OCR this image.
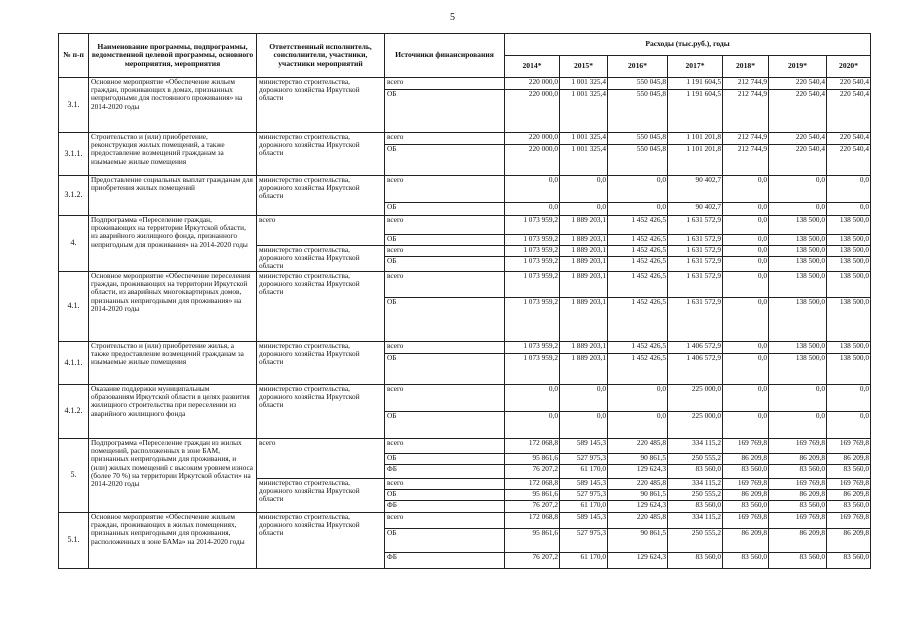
5
№ п-п	Наименование программы, подпрограммы, ведомственной целевой программы, основного мероприятия, мероприятия	Ответственный исполнитель, соисполнители, участники, участники мероприятий	Источники финансирования	Расходы (тыс.руб.), годы						
				2014*	2015*	2016*	2017*	2018*	2019*	2020*
3.1.	Основное мероприятие «Обеспечение жильем граждан, проживающих в домах, признанных непригодными для постоянного проживания» на 2014-2020 годы	министерство строительства, дорожного хозяйства Иркутской области	всего	220 000,0	1 001 325,4	550 045,8	1 191 604,5	212 744,9	220 540,4	220 540,4
			ОБ	220 000,0	1 001 325,4	550 045,8	1 191 604,5	212 744,9	220 540,4	220 540,4
3.1.1.	Строительство и (или) приобретение, реконструкция жилых помещений, а также предоставление возмещений гражданам за изымаемые жилые помещения	министерство строительства, дорожного хозяйства Иркутской области	всего	220 000,0	1 001 325,4	550 045,8	1 101 201,8	212 744,9	220 540,4	220 540,4
			ОБ	220 000,0	1 001 325,4	550 045,8	1 101 201,8	212 744,9	220 540,4	220 540,4
3.1.2.	Предоставление социальных выплат гражданам для приобретения жилых помещений	министерство строительства, дорожного хозяйства Иркутской области	всего	0,0	0,0	0,0	90 402,7	0,0	0,0	0,0
			ОБ	0,0	0,0	0,0	90 402,7	0,0	0,0	0,0
4.	Подпрограмма «Переселение граждан, проживающих на территории Иркутской области, из аварийного жилищного фонда, признанного непригодным для проживания» на 2014-2020 годы	всего	всего	1 073 959,2	1 889 203,1	1 452 426,5	1 631 572,9	0,0	138 500,0	138 500,0
			ОБ	1 073 959,2	1 889 203,1	1 452 426,5	1 631 572,9	0,0	138 500,0	138 500,0
		министерство строительства, дорожного хозяйства Иркутской области	всего	1 073 959,2	1 889 203,1	1 452 426,5	1 631 572,9	0,0	138 500,0	138 500,0
			ОБ	1 073 959,2	1 889 203,1	1 452 426,5	1 631 572,9	0,0	138 500,0	138 500,0
4.1.	Основное мероприятие «Обеспечение переселения граждан, проживающих на территории Иркутской области, из аварийных многоквартирных домов, признанных непригодными для проживания» на 2014-2020 годы	министерство строительства, дорожного хозяйства Иркутской области	всего	1 073 959,2	1 889 203,1	1 452 426,5	1 631 572,9	0,0	138 500,0	138 500,0
			ОБ	1 073 959,2	1 889 203,1	1 452 426,5	1 631 572,9	0,0	138 500,0	138 500,0
4.1.1.	Строительство и (или) приобретение жилья, а также предоставление возмещений гражданам за изымаемые жилые помещения	министерство строительства, дорожного хозяйства Иркутской области	всего	1 073 959,2	1 889 203,1	1 452 426,5	1 406 572,9	0,0	138 500,0	138 500,0
			ОБ	1 073 959,2	1 889 203,1	1 452 426,5	1 406 572,9	0,0	138 500,0	138 500,0
4.1.2.	Оказание поддержки муниципальным образованиям Иркутской области в целях развития жилищного строительства при переселении из аварийного жилищного фонда	министерство строительства, дорожного хозяйства Иркутской области	всего	0,0	0,0	0,0	225 000,0	0,0	0,0	0,0
			ОБ	0,0	0,0	0,0	225 000,0	0,0	0,0	0,0
5.	Подпрограмма «Переселение граждан из жилых помещений, расположенных в зоне БАМ, признанных непригодными для проживания, и (или) жилых помещений с высоким уровнем износа (более 70 %) на территории Иркутской области» на 2014-2020 годы	всего	всего	172 068,8	589 145,3	220 485,8	334 115,2	169 769,8	169 769,8	169 769,8
			ОБ	95 861,6	527 975,3	90 861,5	250 555,2	86 209,8	86 209,8	86 209,8
			ФБ	76 207,2	61 170,0	129 624,3	83 560,0	83 560,0	83 560,0	83 560,0
		министерство строительства, дорожного хозяйства Иркутской области	всего	172 068,8	589 145,3	220 485,8	334 115,2	169 769,8	169 769,8	169 769,8
			ОБ	95 861,6	527 975,3	90 861,5	250 555,2	86 209,8	86 209,8	86 209,8
			ФБ	76 207,2	61 170,0	129 624,3	83 560,0	83 560,0	83 560,0	83 560,0
5.1.	Основное мероприятие «Обеспечение жильем граждан, проживающих в жилых помещениях, признанных непригодными для проживания, расположенных в зоне БАМа» на 2014-2020 годы	министерство строительства, дорожного хозяйства Иркутской области	всего	172 068,8	589 145,3	220 485,8	334 115,2	169 769,8	169 769,8	169 769,8
			ОБ	95 861,6	527 975,3	90 861,5	250 555,2	86 209,8	86 209,8	86 209,8
			ФБ	76 207,2	61 170,0	129 624,3	83 560,0	83 560,0	83 560,0	83 560,0
